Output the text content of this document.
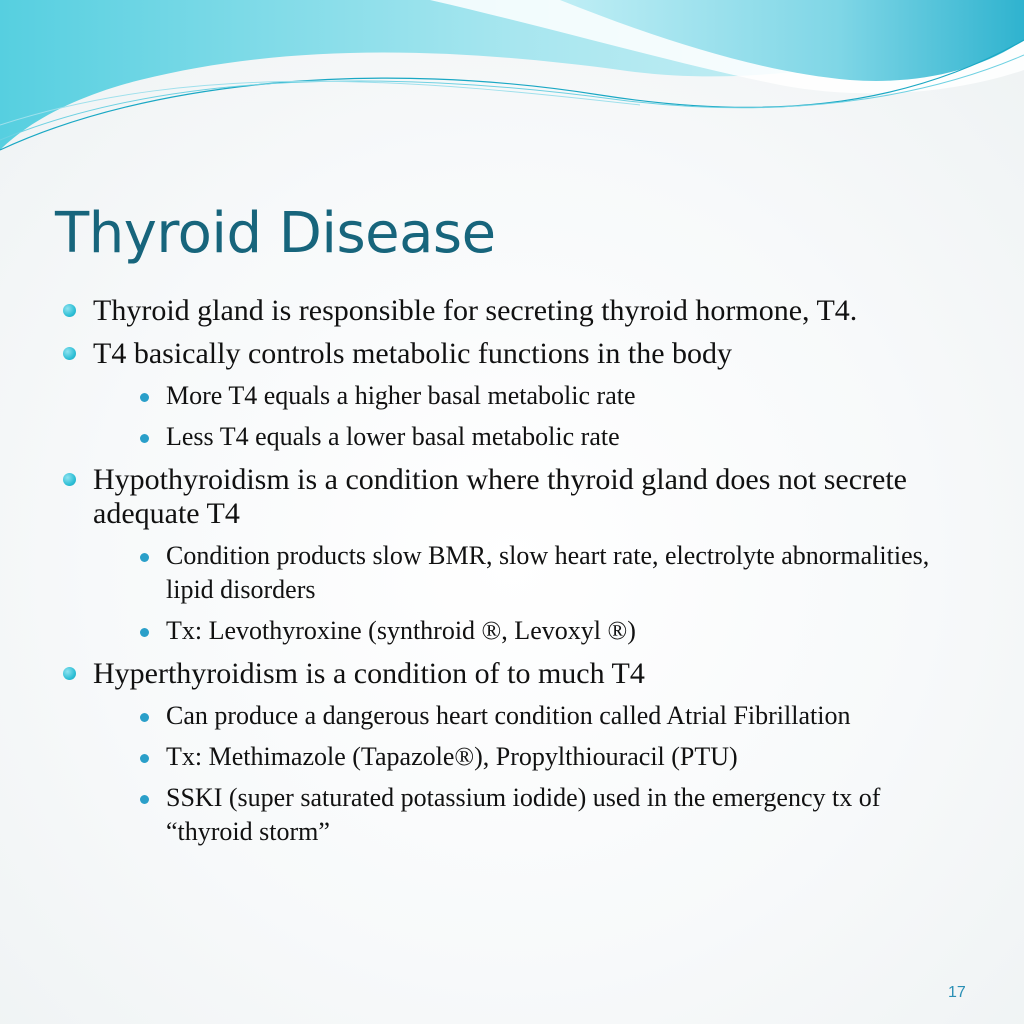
Thyroid Disease
Thyroid gland is responsible for secreting thyroid hormone, T4.
T4 basically controls metabolic functions in the body
More T4 equals a higher basal metabolic rate
Less T4 equals a lower basal metabolic rate
Hypothyroidism is a condition where thyroid gland does not secrete adequate T4
Condition products slow BMR, slow heart rate, electrolyte abnormalities, lipid disorders
Tx: Levothyroxine (synthroid ®, Levoxyl ®)
Hyperthyroidism is a condition of to much T4
Can produce a dangerous heart condition called Atrial Fibrillation
Tx: Methimazole (Tapazole®), Propylthiouracil (PTU)
SSKI (super saturated potassium iodide) used in the emergency tx of “thyroid storm”
17
